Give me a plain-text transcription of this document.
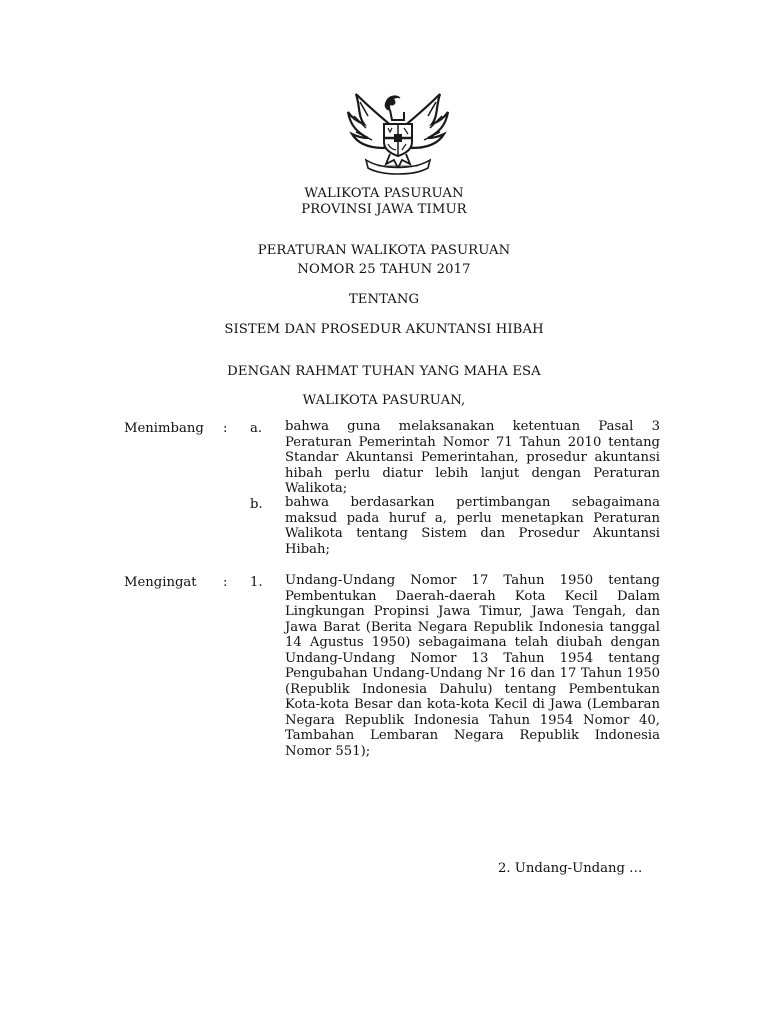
WALIKOTA PASURUAN
PROVINSI JAWA TIMUR
PERATURAN WALIKOTA PASURUAN
NOMOR 25 TAHUN 2017
TENTANG
SISTEM DAN PROSEDUR AKUNTANSI HIBAH
DENGAN RAHMAT TUHAN YANG MAHA ESA
WALIKOTA PASURUAN,
Menimbang : a. bahwa guna melaksanakan ketentuan Pasal 3 Peraturan Pemerintah Nomor 71 Tahun 2010 tentang Standar Akuntansi Pemerintahan, prosedur akuntansi hibah perlu diatur lebih lanjut dengan Peraturan Walikota;

b. bahwa berdasarkan pertimbangan sebagaimana maksud pada huruf a, perlu menetapkan Peraturan Walikota tentang Sistem dan Prosedur Akuntansi Hibah;

Mengingat : 1. Undang-Undang Nomor 17 Tahun 1950 tentang Pembentukan Daerah-daerah Kota Kecil Dalam Lingkungan Propinsi Jawa Timur, Jawa Tengah, dan Jawa Barat (Berita Negara Republik Indonesia tanggal 14 Agustus 1950) sebagaimana telah diubah dengan Undang-Undang Nomor 13 Tahun 1954 tentang Pengubahan Undang-Undang Nr 16 dan 17 Tahun 1950 (Republik Indonesia Dahulu) tentang Pembentukan Kota-kota Besar dan kota-kota Kecil di Jawa (Lembaran Negara Republik Indonesia Tahun 1954 Nomor 40, Tambahan Lembaran Negara Republik Indonesia Nomor 551);

2. Undang-Undang …
